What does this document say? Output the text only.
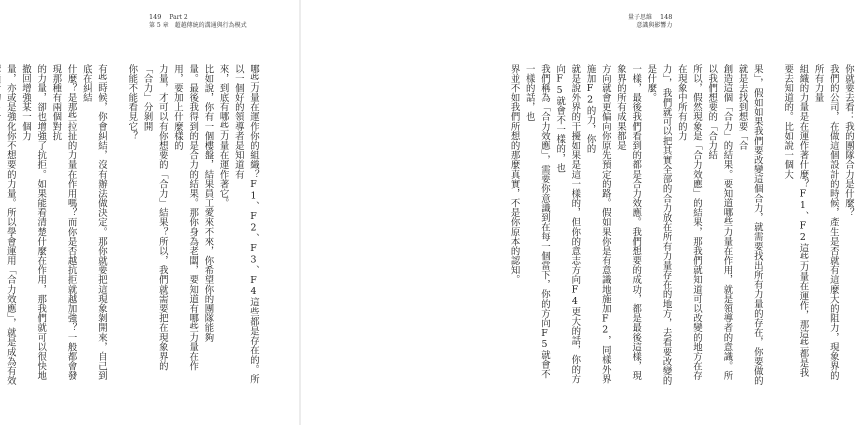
149 Part 2
第 5 章　超越傳統的溝通與行為模式
哪些力量在運作你的組織？F1、F2、F3、F4這些都是存在的。所以一個好的領導者是知道有
來，到底有哪些力量在運作著它。
比如說，你有一個樓盤，結果員工愛來不來，你希望你的團隊能夠
量。最後我得到的是合力的結果。那你身為老闆，要知道有哪些力量在作用，要加上什麼樣的
力量，才可以有你想要的「合力」結果？所以，我們就需要把在現象界的「合力」分剝開
你能不能看見它？
有些時候，你會糾結，沒有辦法做決定。那你就要把這現象剝開來，自己到底在糾結
什麼？是那些拉扯的力量在作用嗎？而你是否越抗拒就越加強？一般都會發現那種有兩個對抗
的力量，卻也增強了抗拒。如果能看清楚什麼在作用，那我們就可以很快地撤回增強某一個力
量，亦或是強化你不想要的力量。所以學會運用「合力效應」，就是成為有效
量子思維 148
意識與影響力
你就要去看：我的團隊合力是什麼？
我們的公司，在做這個設計的時候，產生是否就有這麼大的阻力，現象界的所有力量
組織的力量是在運作著什麼？F1、F2這些力量在運作，那這些都是我要去知道的。比如說一個大
果」，假如如果我們要改變這個合力，就需要找出所有力量的存在，你要做的就是去找到想要「合
創造這個「合力」的結果。要知道哪些力量在作用，就是領導者的意識。所以我們想要的「合力結
所以，假然現象是「合力效應」的結果，那我們就知道可以改變的地方在存在現象中所有的力
力」，我們就可以把其實全部的合力放在所有力量存在的地方，去看要改變的是什麼。
一樣，最後我們看到的都是合力效應。我們想要的成功，都是最後這樣，現象界的所有成果都是
方向就會更偏向你原先預定的路。假如果你是有意識地施加F2，同樣外界施加F2的力，你的
就是說外界的干擾如果是這一樣的，但你的意志方向F4更大的話，你的方向F5就會不一樣的，也
我們稱為「合力效應」，需要你意識到在每一個當下，你的方向F5就會不一樣的話，也
界並不如我們所想的那麼真實，不是你原本的認知。
